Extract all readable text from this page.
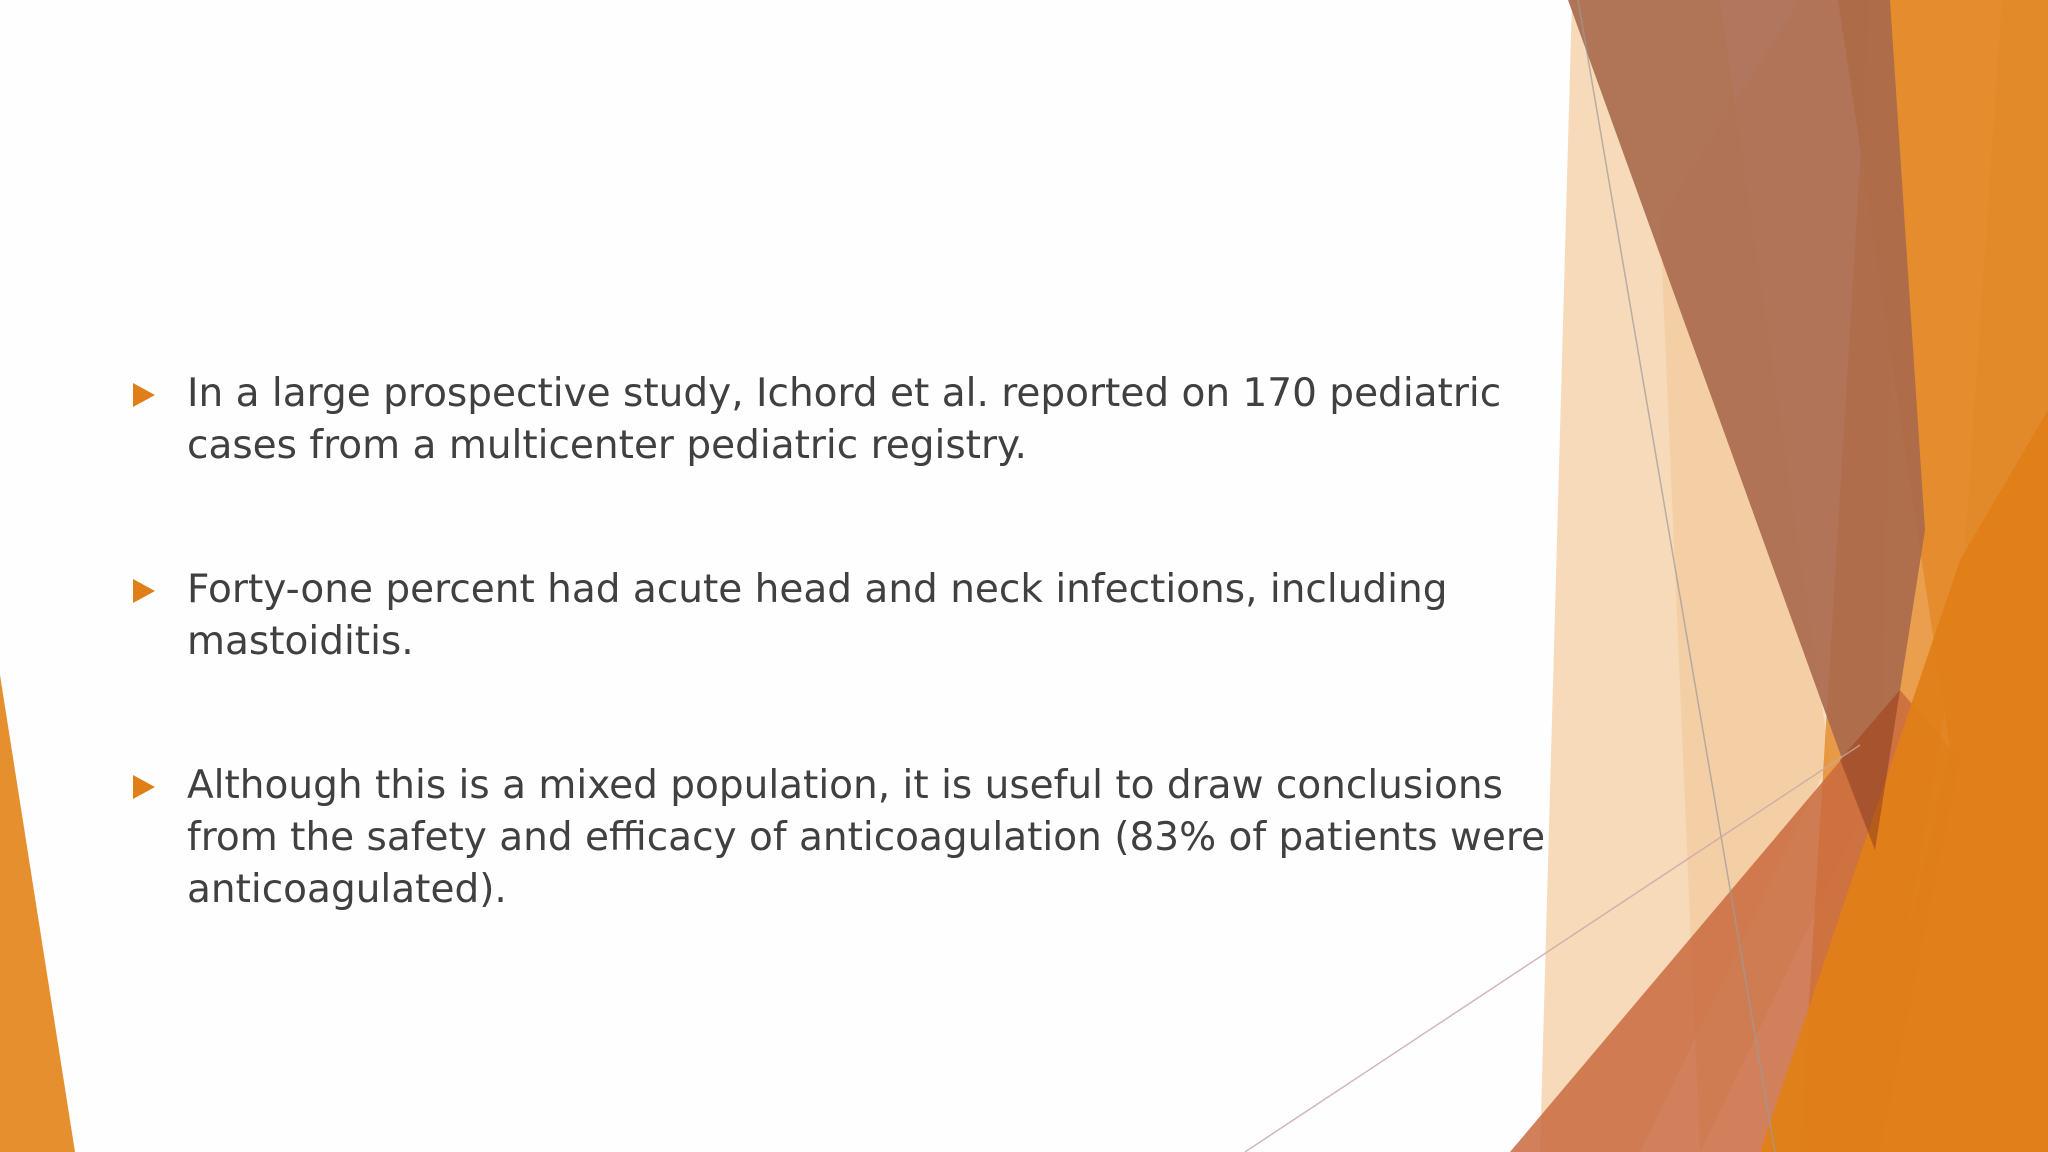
In a large prospective study, Ichord et al. reported on 170 pediatric cases from a multicenter pediatric registry.
Forty-one percent had acute head and neck infections, including mastoiditis.
Although this is a mixed population, it is useful to draw conclusions from the safety and efficacy of anticoagulation (83% of patients were anticoagulated).
